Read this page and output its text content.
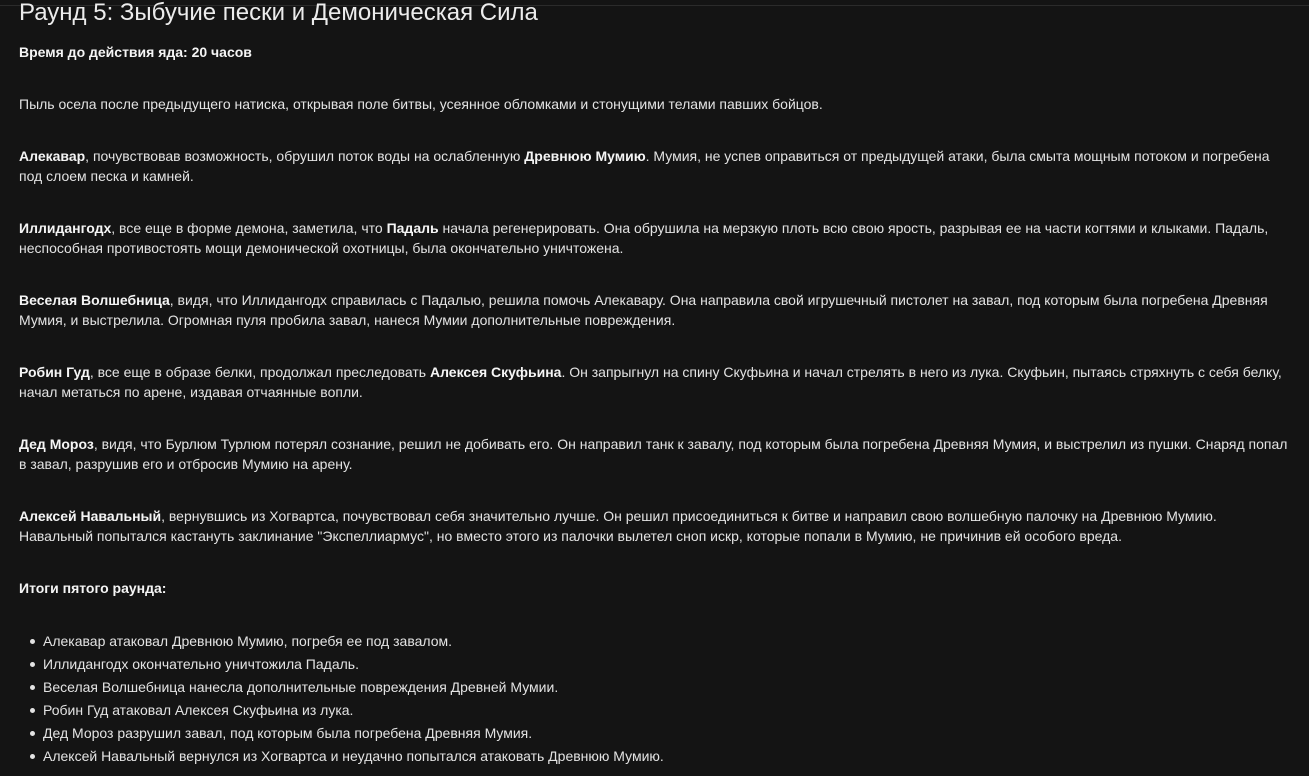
Раунд 5: Зыбучие пески и Демоническая Сила

Время до действия яда: 20 часов

Пыль осела после предыдущего натиска, открывая поле битвы, усеянное обломками и стонущими телами павших бойцов.

Алекавар, почувствовав возможность, обрушил поток воды на ослабленную Древнюю Мумию. Мумия, не успев оправиться от предыдущей атаки, была смыта мощным потоком и погребена под слоем песка и камней.

Иллидангодх, все еще в форме демона, заметила, что Падаль начала регенерировать. Она обрушила на мерзкую плоть всю свою ярость, разрывая ее на части когтями и клыками. Падаль, неспособная противостоять мощи демонической охотницы, была окончательно уничтожена.

Веселая Волшебница, видя, что Иллидангодх справилась с Падалью, решила помочь Алекавару. Она направила свой игрушечный пистолет на завал, под которым была погребена Древняя Мумия, и выстрелила. Огромная пуля пробила завал, нанеся Мумии дополнительные повреждения.

Робин Гуд, все еще в образе белки, продолжал преследовать Алексея Скуфьина. Он запрыгнул на спину Скуфьина и начал стрелять в него из лука. Скуфьин, пытаясь стряхнуть с себя белку, начал метаться по арене, издавая отчаянные вопли.

Дед Мороз, видя, что Бурлюм Турлюм потерял сознание, решил не добивать его. Он направил танк к завалу, под которым была погребена Древняя Мумия, и выстрелил из пушки. Снаряд попал в завал, разрушив его и отбросив Мумию на арену.

Алексей Навальный, вернувшись из Хогвартса, почувствовал себя значительно лучше. Он решил присоединиться к битве и направил свою волшебную палочку на Древнюю Мумию. Навальный попытался кастануть заклинание "Экспеллиармус", но вместо этого из палочки вылетел сноп искр, которые попали в Мумию, не причинив ей особого вреда.

Итоги пятого раунда:

Алекавар атаковал Древнюю Мумию, погребя ее под завалом.
Иллидангодх окончательно уничтожила Падаль.
Веселая Волшебница нанесла дополнительные повреждения Древней Мумии.
Робин Гуд атаковал Алексея Скуфьина из лука.
Дед Мороз разрушил завал, под которым была погребена Древняя Мумия.
Алексей Навальный вернулся из Хогвартса и неудачно попытался атаковать Древнюю Мумию.
